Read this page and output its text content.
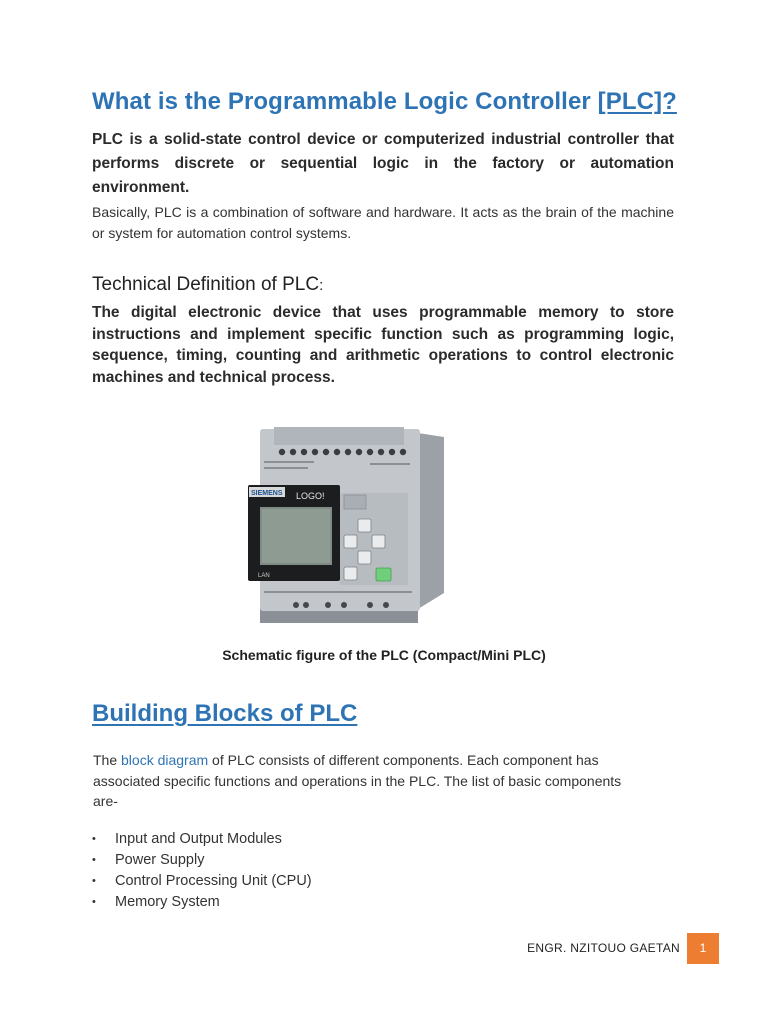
What is the Programmable Logic Controller [PLC]?

PLC is a solid-state control device or computerized industrial controller that performs discrete or sequential logic in the factory or automation environment.

Basically, PLC is a combination of software and hardware. It acts as the brain of the machine or system for automation control systems.

Technical Definition of PLC:

The digital electronic device that uses programmable memory to store instructions and implement specific function such as programming logic, sequence, timing, counting and arithmetic operations to control electronic machines and technical process.

SIEMENS LOGO!
LAN

Schematic figure of the PLC (Compact/Mini PLC)

Building Blocks of PLC

The block diagram of PLC consists of different components. Each component has associated specific functions and operations in the PLC. The list of basic components are-

• Input and Output Modules
• Power Supply
• Control Processing Unit (CPU)
• Memory System
ENGR. NZITOUO GAETAN	1
